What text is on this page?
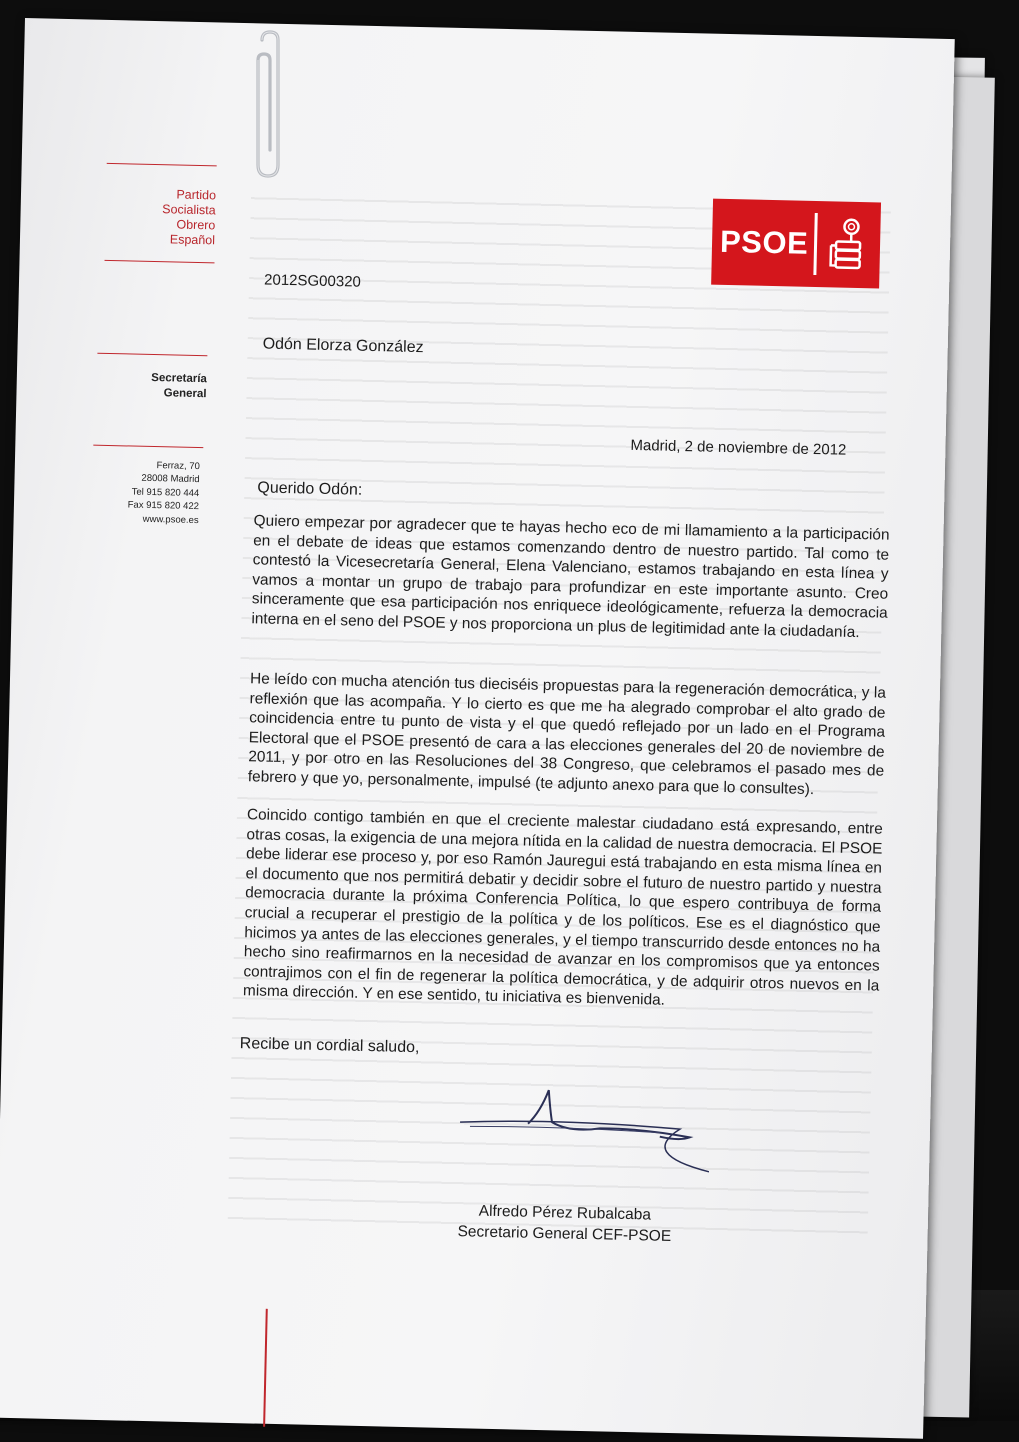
Partido
Socialista
Obrero
Español
Secretaría
General
Ferraz, 70
28008 Madrid
Tel 915 820 444
Fax 915 820 422
www.psoe.es
PSOE
2012SG00320
Odón Elorza González
Madrid, 2 de noviembre de 2012
Querido Odón:

Quiero empezar por agradecer que te hayas hecho eco de mi llamamiento a la participación en el debate de ideas que estamos comenzando dentro de nuestro partido. Tal como te contestó la Vicesecretaría General, Elena Valenciano, estamos trabajando en esta línea y vamos a montar un grupo de trabajo para profundizar en este importante asunto. Creo sinceramente que esa participación nos enriquece ideológicamente, refuerza la democracia interna en el seno del PSOE y nos proporciona un plus de legitimidad ante la ciudadanía.

He leído con mucha atención tus dieciséis propuestas para la regeneración democrática, y la reflexión que las acompaña. Y lo cierto es que me ha alegrado comprobar el alto grado de coincidencia entre tu punto de vista y el que quedó reflejado por un lado en el Programa Electoral que el PSOE presentó de cara a las elecciones generales del 20 de noviembre de 2011, y por otro en las Resoluciones del 38 Congreso, que celebramos el pasado mes de febrero y que yo, personalmente, impulsé (te adjunto anexo para que lo consultes).

Coincido contigo también en que el creciente malestar ciudadano está expresando, entre otras cosas, la exigencia de una mejora nítida en la calidad de nuestra democracia. El PSOE debe liderar ese proceso y, por eso Ramón Jauregui está trabajando en esta misma línea en el documento que nos permitirá debatir y decidir sobre el futuro de nuestro partido y nuestra democracia durante la próxima Conferencia Política, lo que espero contribuya de forma crucial a recuperar el prestigio de la política y de los políticos. Ese es el diagnóstico que hicimos ya antes de las elecciones generales, y el tiempo transcurrido desde entonces no ha hecho sino reafirmarnos en la necesidad de avanzar en los compromisos que ya entonces contrajimos con el fin de regenerar la política democrática, y de adquirir otros nuevos en la misma dirección. Y en ese sentido, tu iniciativa es bienvenida.

Recibe un cordial saludo,
Alfredo Pérez Rubalcaba
Secretario General CEF-PSOE
